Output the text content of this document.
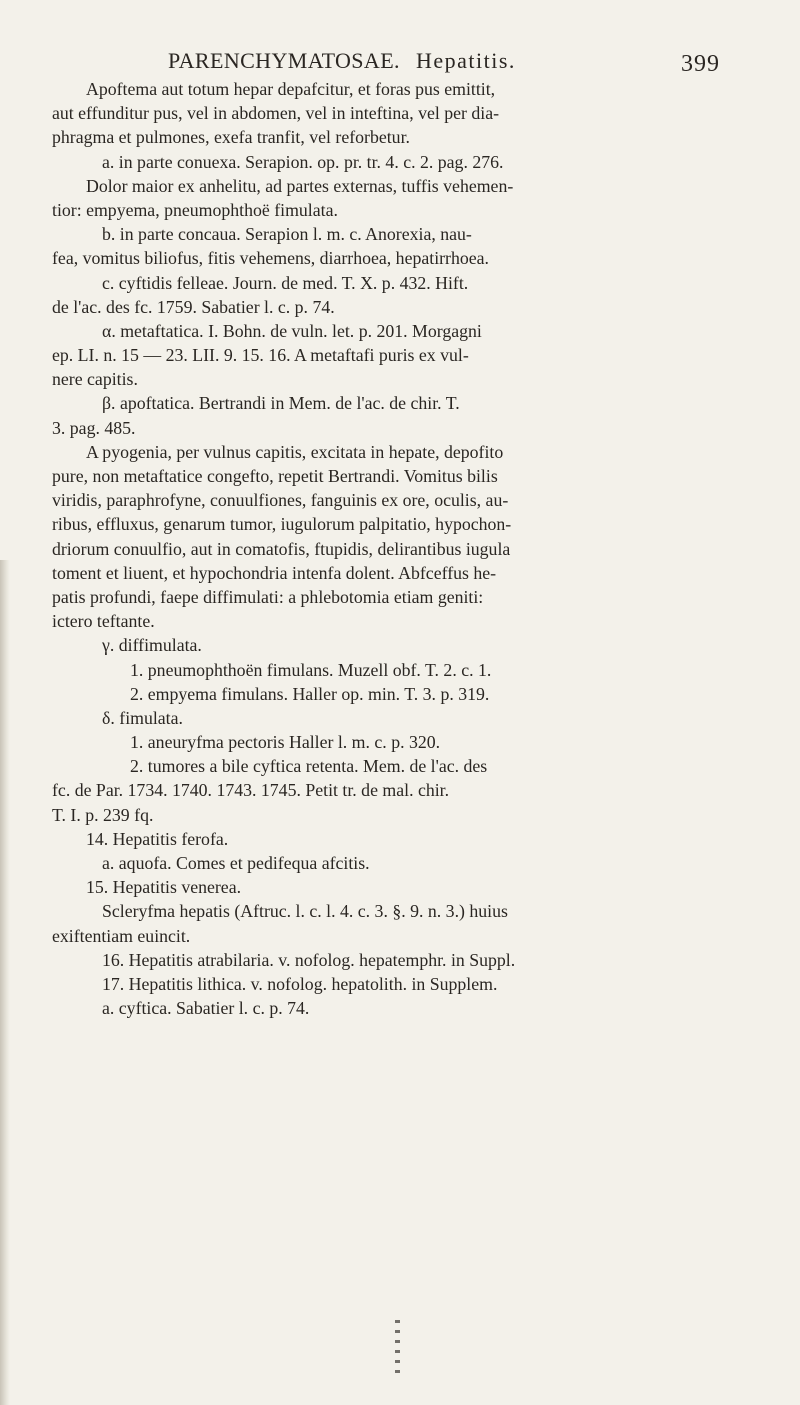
PARENCHYMATOSAE. Hepatitis.	399
Apoftema aut totum hepar depafcitur, et foras pus emittit,
aut effunditur pus, vel in abdomen, vel in inteftina, vel per dia-
phragma et pulmones, exefa tranfit, vel reforbetur.
a. in parte conuexa. Serapion. op. pr. tr. 4. c. 2. pag. 276.
Dolor maior ex anhelitu, ad partes externas, tuffis vehemen-
tior: empyema, pneumophthoë fimulata.
b. in parte concaua. Serapion l. m. c. Anorexia, nau-
fea, vomitus biliofus, fitis vehemens, diarrhoea, hepatirrhoea.
c. cyftidis felleae. Journ. de med. T. X. p. 432. Hift.
de l'ac. des fc. 1759. Sabatier l. c. p. 74.
α. metaftatica. I. Bohn. de vuln. let. p. 201. Morgagni
ep. LI. n. 15 — 23. LII. 9. 15. 16. A metaftafi puris ex vul-
nere capitis.
β. apoftatica. Bertrandi in Mem. de l'ac. de chir. T.
3. pag. 485.
A pyogenia, per vulnus capitis, excitata in hepate, depofito
pure, non metaftatice congefto, repetit Bertrandi. Vomitus bilis
viridis, paraphrofyne, conuulfiones, fanguinis ex ore, oculis, au-
ribus, effluxus, genarum tumor, iugulorum palpitatio, hypochon-
driorum conuulfio, aut in comatofis, ftupidis, delirantibus iugula
toment et liuent, et hypochondria intenfa dolent. Abfceffus he-
patis profundi, faepe diffimulati: a phlebotomia etiam geniti:
ictero teftante.
γ. diffimulata.
1. pneumophthoën fimulans. Muzell obf. T. 2. c. 1.
2. empyema fimulans. Haller op. min. T. 3. p. 319.
δ. fimulata.
1. aneuryfma pectoris Haller l. m. c. p. 320.
2. tumores a bile cyftica retenta. Mem. de l'ac. des
fc. de Par. 1734. 1740. 1743. 1745. Petit tr. de mal. chir.
T. I. p. 239 fq.
14. Hepatitis ferofa.
a. aquofa. Comes et pedifequa afcitis.
15. Hepatitis venerea.
Scleryfma hepatis (Aftruc. l. c. l. 4. c. 3. §. 9. n. 3.) huius
exiftentiam euincit.
16. Hepatitis atrabilaria. v. nofolog. hepatemphr. in Suppl.
17. Hepatitis lithica. v. nofolog. hepatolith. in Supplem.
a. cyftica. Sabatier l. c. p. 74.
